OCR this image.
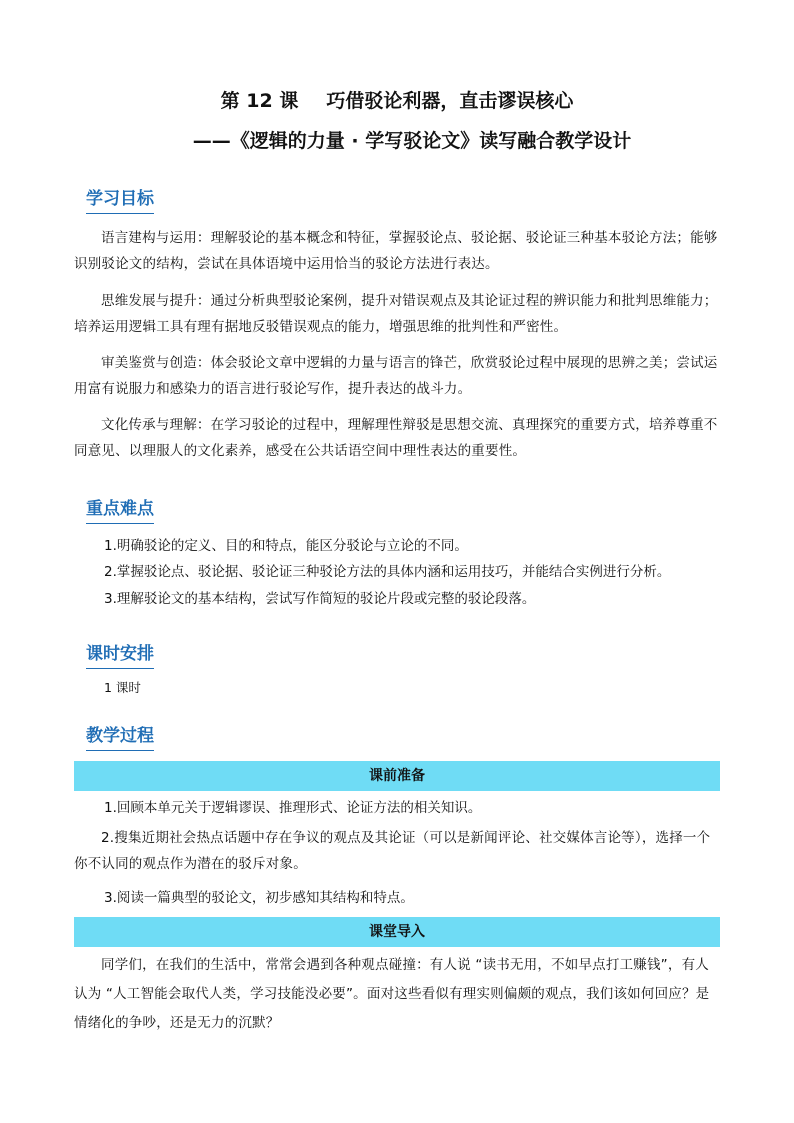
第 12 课 巧借驳论利器，直击谬误核心
——《逻辑的力量 · 学写驳论文》读写融合教学设计
学习目标
语言建构与运用：理解驳论的基本概念和特征，掌握驳论点、驳论据、驳论证三种基本驳论方法；能够识别驳论文的结构，尝试在具体语境中运用恰当的驳论方法进行表达。
思维发展与提升：通过分析典型驳论案例，提升对错误观点及其论证过程的辨识能力和批判思维能力；培养运用逻辑工具有理有据地反驳错误观点的能力，增强思维的批判性和严密性。
审美鉴赏与创造：体会驳论文章中逻辑的力量与语言的锋芒，欣赏驳论过程中展现的思辨之美；尝试运用富有说服力和感染力的语言进行驳论写作，提升表达的战斗力。
文化传承与理解：在学习驳论的过程中，理解理性辩驳是思想交流、真理探究的重要方式，培养尊重不同意见、以理服人的文化素养，感受在公共话语空间中理性表达的重要性。
重点难点
1.明确驳论的定义、目的和特点，能区分驳论与立论的不同。
2.掌握驳论点、驳论据、驳论证三种驳论方法的具体内涵和运用技巧，并能结合实例进行分析。
3.理解驳论文的基本结构，尝试写作简短的驳论片段或完整的驳论段落。
课时安排
1 课时
教学过程
课前准备
1.回顾本单元关于逻辑谬误、推理形式、论证方法的相关知识。
2.搜集近期社会热点话题中存在争议的观点及其论证（可以是新闻评论、社交媒体言论等），选择一个你不认同的观点作为潜在的驳斥对象。
3.阅读一篇典型的驳论文，初步感知其结构和特点。
课堂导入
同学们，在我们的生活中，常常会遇到各种观点碰撞：有人说 “读书无用，不如早点打工赚钱”，有人认为 “人工智能会取代人类，学习技能没必要”。面对这些看似有理实则偏颇的观点，我们该如何回应？是情绪化的争吵，还是无力的沉默？
